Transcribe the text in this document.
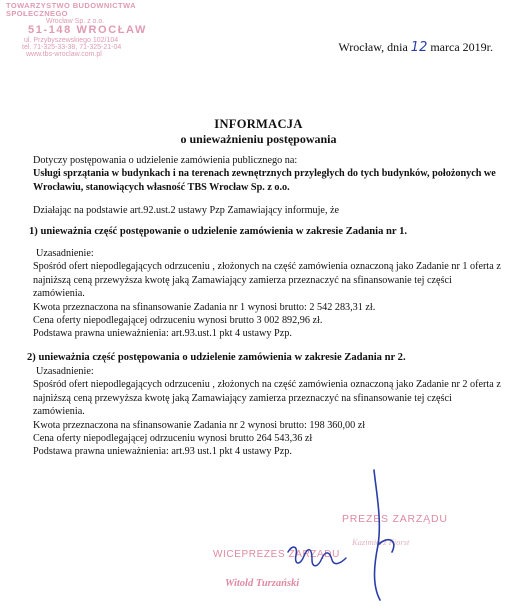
TOWARZYSTWO BUDOWNICTWA SPOŁECZNEGO
Wrocław Sp. z o.o.
51-148 WROCŁAW
ul. Przybyszewskiego 102/104
tel. 71-325-33-38, 71-325-21-04
www.tbs-wroclaw.com.pl
Wrocław, dnia 12 marca 2019r.
INFORMACJA
o unieważnieniu postępowania
Dotyczy postępowania o udzielenie zamówienia publicznego na:
Usługi sprzątania w budynkach i na terenach zewnętrznych przyległych do tych budynków, położonych we Wrocławiu, stanowiących własność TBS Wrocław Sp. z o.o.
Działając na podstawie art.92.ust.2 ustawy Pzp Zamawiający informuje, że
1) unieważnia część postępowanie o udzielenie zamówienia w zakresie Zadania nr 1.
Uzasadnienie:
Spośród ofert niepodlegających odrzuceniu , złożonych na część zamówienia oznaczoną jako Zadanie nr 1 oferta z najniższą ceną przewyższa kwotę jaką Zamawiający zamierza przeznaczyć na sfinansowanie tej części zamówienia.
Kwota przeznaczona na sfinansowanie Zadania nr 1 wynosi brutto: 2 542 283,31 zł.
Cena oferty niepodlegającej odrzuceniu wynosi brutto 3 002 892,96 zł.
Podstawa prawna unieważnienia: art.93.ust.1 pkt 4 ustawy Pzp.
2) unieważnia część postępowania o udzielenie zamówienia w zakresie Zadania nr 2.
Uzasadnienie:
Spośród ofert niepodlegających odrzuceniu , złożonych na część zamówienia oznaczoną jako Zadanie nr 2 oferta z najniższą ceną przewyższa kwotę jaką Zamawiający zamierza przeznaczyć na sfinansowanie tej części zamówienia.
Kwota przeznaczona na sfinansowanie Zadania nr 2 wynosi brutto: 198 360,00 zł
Cena oferty niepodlegającej odrzuceniu wynosi brutto 264 543,36 zł
Podstawa prawna unieważnienia: art.93 ust.1 pkt 4 ustawy Pzp.
PREZES ZARZĄDU
Kazimierz Fiorst
WICEPREZES ZARZĄDU
Witold Turzański
